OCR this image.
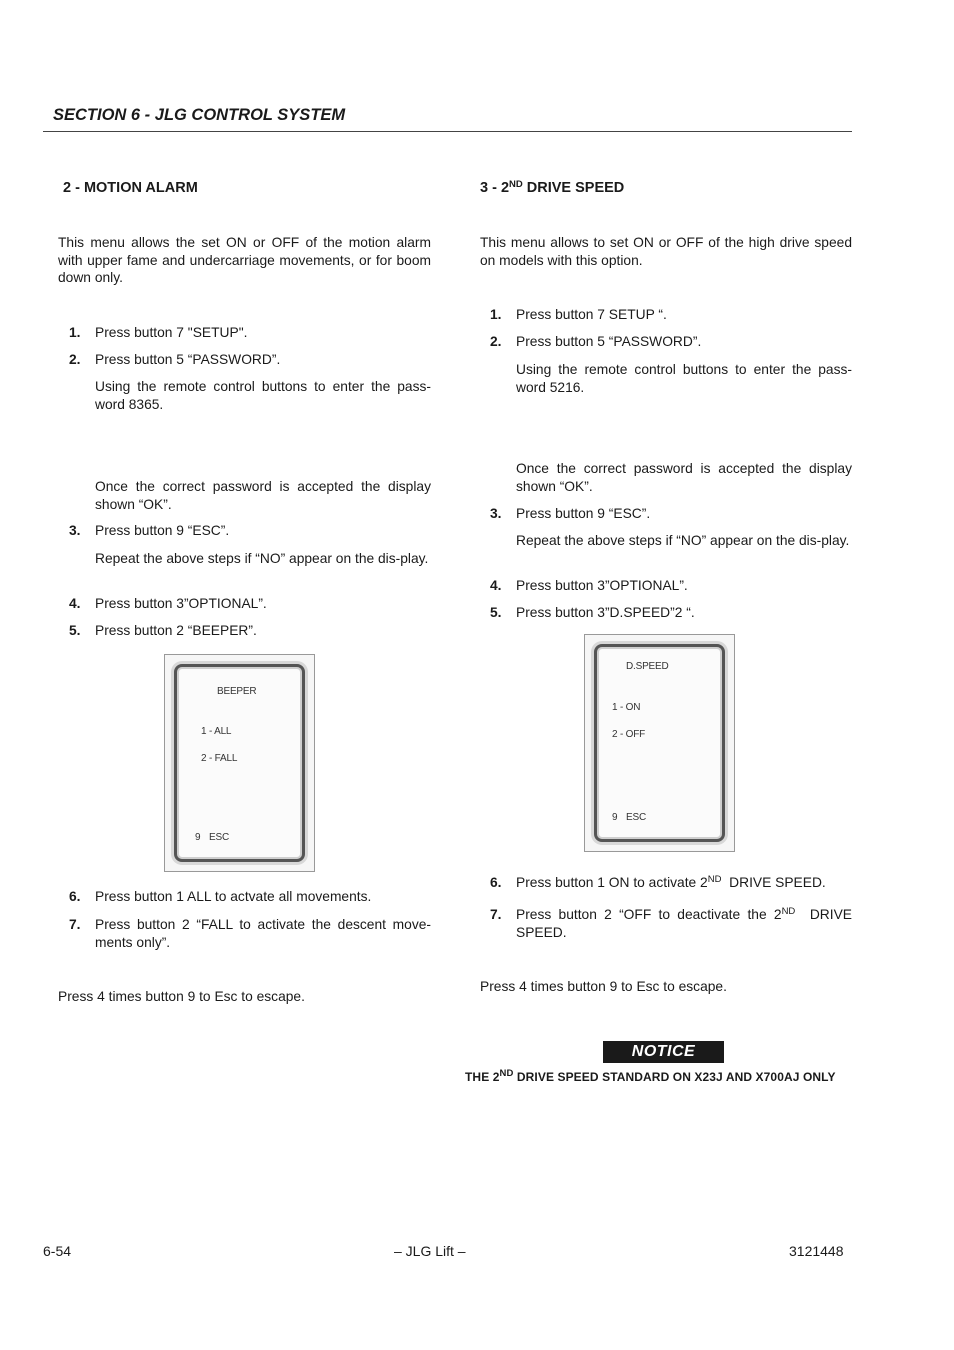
SECTION 6 - JLG CONTROL SYSTEM
2 - MOTION ALARM
This menu allows the set ON or OFF of the motion alarm with upper fame and undercarriage movements, or for boom down only.
1. Press button 7 "SETUP".
2. Press button 5 “PASSWORD”.
Using the remote control buttons to enter the pass-word 8365.
Once the correct password is accepted the display shown “OK”.
3. Press button 9 “ESC”.
Repeat the above steps if “NO” appear on the dis-play.
4. Press button 3”OPTIONAL”.
5. Press button 2 “BEEPER”.
BEEPER
1 - ALL
2 - FALL
9 ESC
6. Press button 1 ALL to actvate all movements.
7. Press button 2 “FALL to activate the descent move-ments only”.
Press 4 times button 9 to Esc to escape.
3 - 2ND DRIVE SPEED
This menu allows to set ON or OFF of the high drive speed on models with this option.
1. Press button 7 SETUP “.
2. Press button 5 “PASSWORD”.
Using the remote control buttons to enter the pass-word 5216.
Once the correct password is accepted the display shown “OK”.
3. Press button 9 “ESC”.
Repeat the above steps if “NO” appear on the dis-play.
4. Press button 3”OPTIONAL”.
5. Press button 3”D.SPEED”2 “.
D.SPEED
1 - ON
2 - OFF
9 ESC
6. Press button 1 ON to activate 2ND  DRIVE SPEED.
7. Press button 2 “OFF to deactivate the 2ND  DRIVE SPEED.
Press 4 times button 9 to Esc to escape.
NOTICE
THE 2ND DRIVE SPEED STANDARD ON X23J AND X700AJ ONLY
6-54	– JLG Lift –	3121448
